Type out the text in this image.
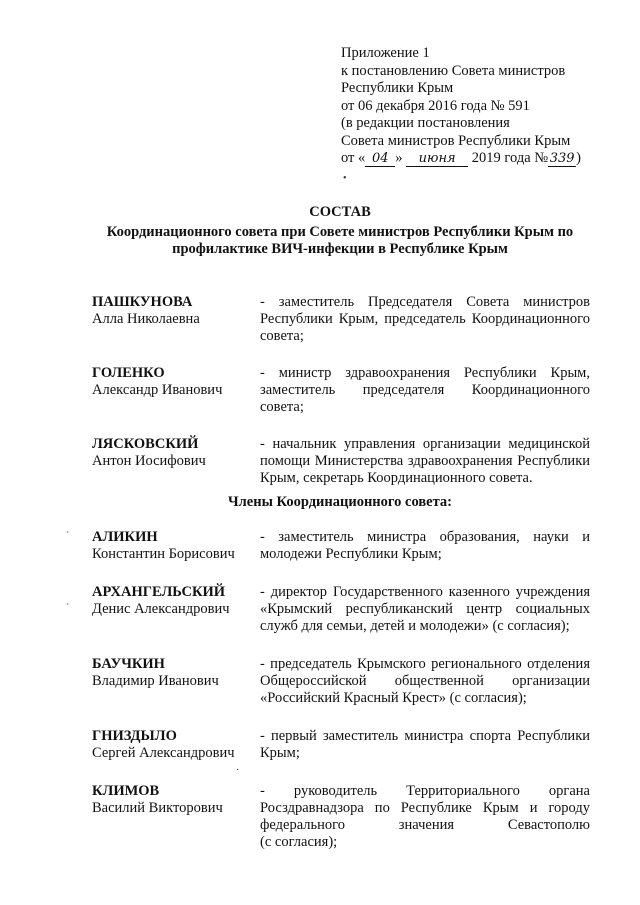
Приложение 1
к постановлению Совета министров
Республики Крым
от 06 декабря 2016 года № 591
(в редакции постановления
Совета министров Республики Крым
от « 04 » июня 2019 года № 339 )
СОСТАВ
Координационного совета при Совете министров Республики Крым по
профилактике ВИЧ-инфекции в Республике Крым
ПАШКУНОВА
Алла Николаевна
- заместитель Председателя Совета министров
Республики Крым, председатель Координационного
совета;
ГОЛЕНКО
Александр Иванович
- министр здравоохранения Республики Крым,
заместитель председателя Координационного
совета;
ЛЯСКОВСКИЙ
Антон Иосифович
- начальник управления организации медицинской
помощи Министерства здравоохранения Республики
Крым, секретарь Координационного совета.
Члены Координационного совета:
АЛИКИН
Константин Борисович
- заместитель министра образования, науки и
молодежи Республики Крым;
АРХАНГЕЛЬСКИЙ
Денис Александрович
- директор Государственного казенного учреждения
«Крымский республиканский центр социальных
служб для семьи, детей и молодежи» (с согласия);
БАУЧКИН
Владимир Иванович
- председатель Крымского регионального отделения
Общероссийской общественной организации
«Российский Красный Крест» (с согласия);
ГНИЗДЫЛО
Сергей Александрович
- первый заместитель министра спорта Республики
Крым;
КЛИМОВ
Василий Викторович
- руководитель Территориального органа
Росздравнадзора по Республике Крым и городу
федерального значения Севастополю
(с согласия);
•
ˋ
ˋ
·
